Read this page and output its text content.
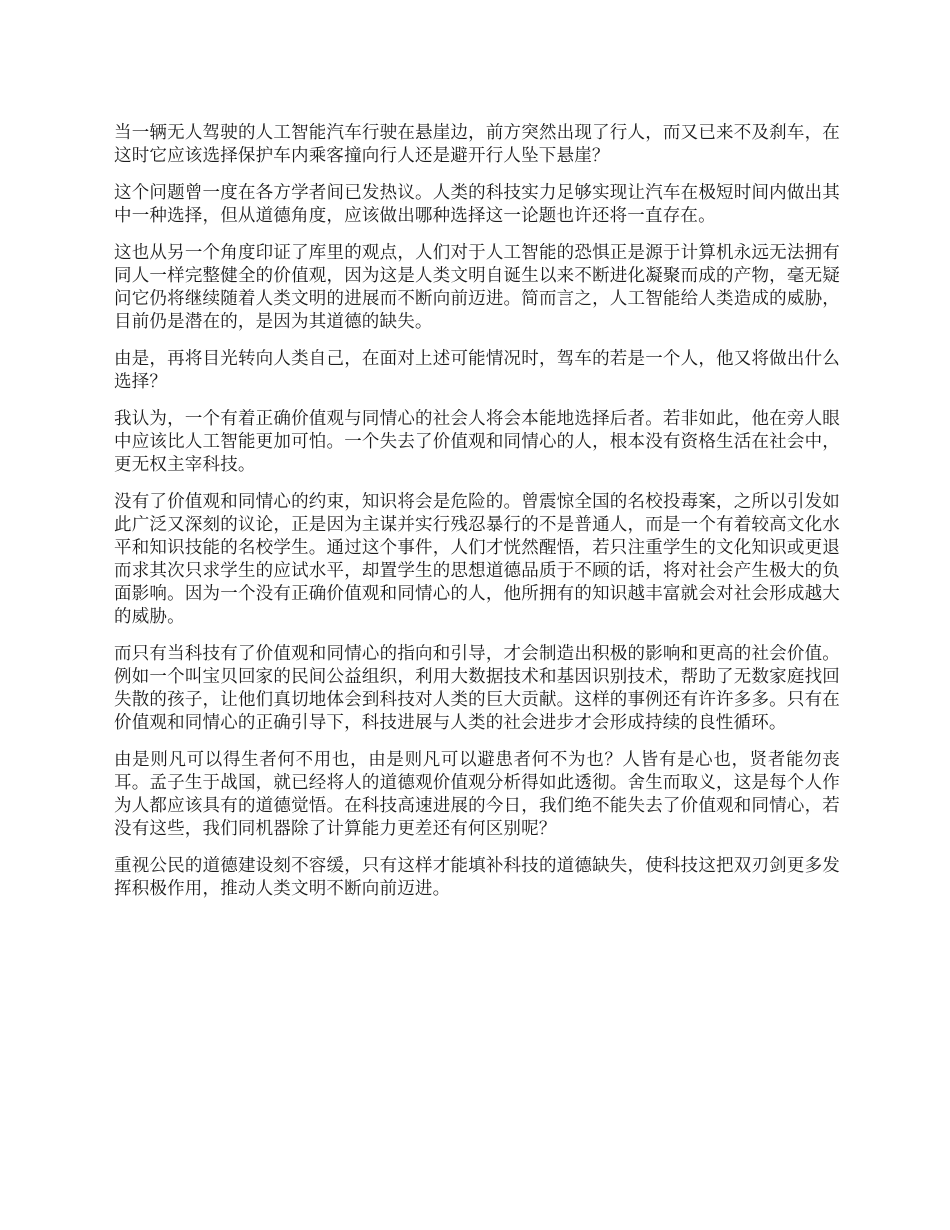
当一辆无人驾驶的人工智能汽车行驶在悬崖边，前方突然出现了行人，而又已来不及刹车，在这时它应该选择保护车内乘客撞向行人还是避开行人坠下悬崖？

这个问题曾一度在各方学者间已发热议。人类的科技实力足够实现让汽车在极短时间内做出其中一种选择，但从道德角度，应该做出哪种选择这一论题也许还将一直存在。

这也从另一个角度印证了库里的观点，人们对于人工智能的恐惧正是源于计算机永远无法拥有同人一样完整健全的价值观，因为这是人类文明自诞生以来不断进化凝聚而成的产物，毫无疑问它仍将继续随着人类文明的进展而不断向前迈进。简而言之，人工智能给人类造成的威胁，目前仍是潜在的，是因为其道德的缺失。

由是，再将目光转向人类自己，在面对上述可能情况时，驾车的若是一个人，他又将做出什么选择？

我认为，一个有着正确价值观与同情心的社会人将会本能地选择后者。若非如此，他在旁人眼中应该比人工智能更加可怕。一个失去了价值观和同情心的人，根本没有资格生活在社会中，更无权主宰科技。

没有了价值观和同情心的约束，知识将会是危险的。曾震惊全国的名校投毒案，之所以引发如此广泛又深刻的议论，正是因为主谋并实行残忍暴行的不是普通人，而是一个有着较高文化水平和知识技能的名校学生。通过这个事件，人们才恍然醒悟，若只注重学生的文化知识或更退而求其次只求学生的应试水平，却置学生的思想道德品质于不顾的话，将对社会产生极大的负面影响。因为一个没有正确价值观和同情心的人，他所拥有的知识越丰富就会对社会形成越大的威胁。

而只有当科技有了价值观和同情心的指向和引导，才会制造出积极的影响和更高的社会价值。例如一个叫宝贝回家的民间公益组织，利用大数据技术和基因识别技术，帮助了无数家庭找回失散的孩子，让他们真切地体会到科技对人类的巨大贡献。这样的事例还有许许多多。只有在价值观和同情心的正确引导下，科技进展与人类的社会进步才会形成持续的良性循环。

由是则凡可以得生者何不用也，由是则凡可以避患者何不为也？人皆有是心也，贤者能勿丧耳。孟子生于战国，就已经将人的道德观价值观分析得如此透彻。舍生而取义，这是每个人作为人都应该具有的道德觉悟。在科技高速进展的今日，我们绝不能失去了价值观和同情心，若没有这些，我们同机器除了计算能力更差还有何区别呢？

重视公民的道德建设刻不容缓，只有这样才能填补科技的道德缺失，使科技这把双刃剑更多发挥积极作用，推动人类文明不断向前迈进。
